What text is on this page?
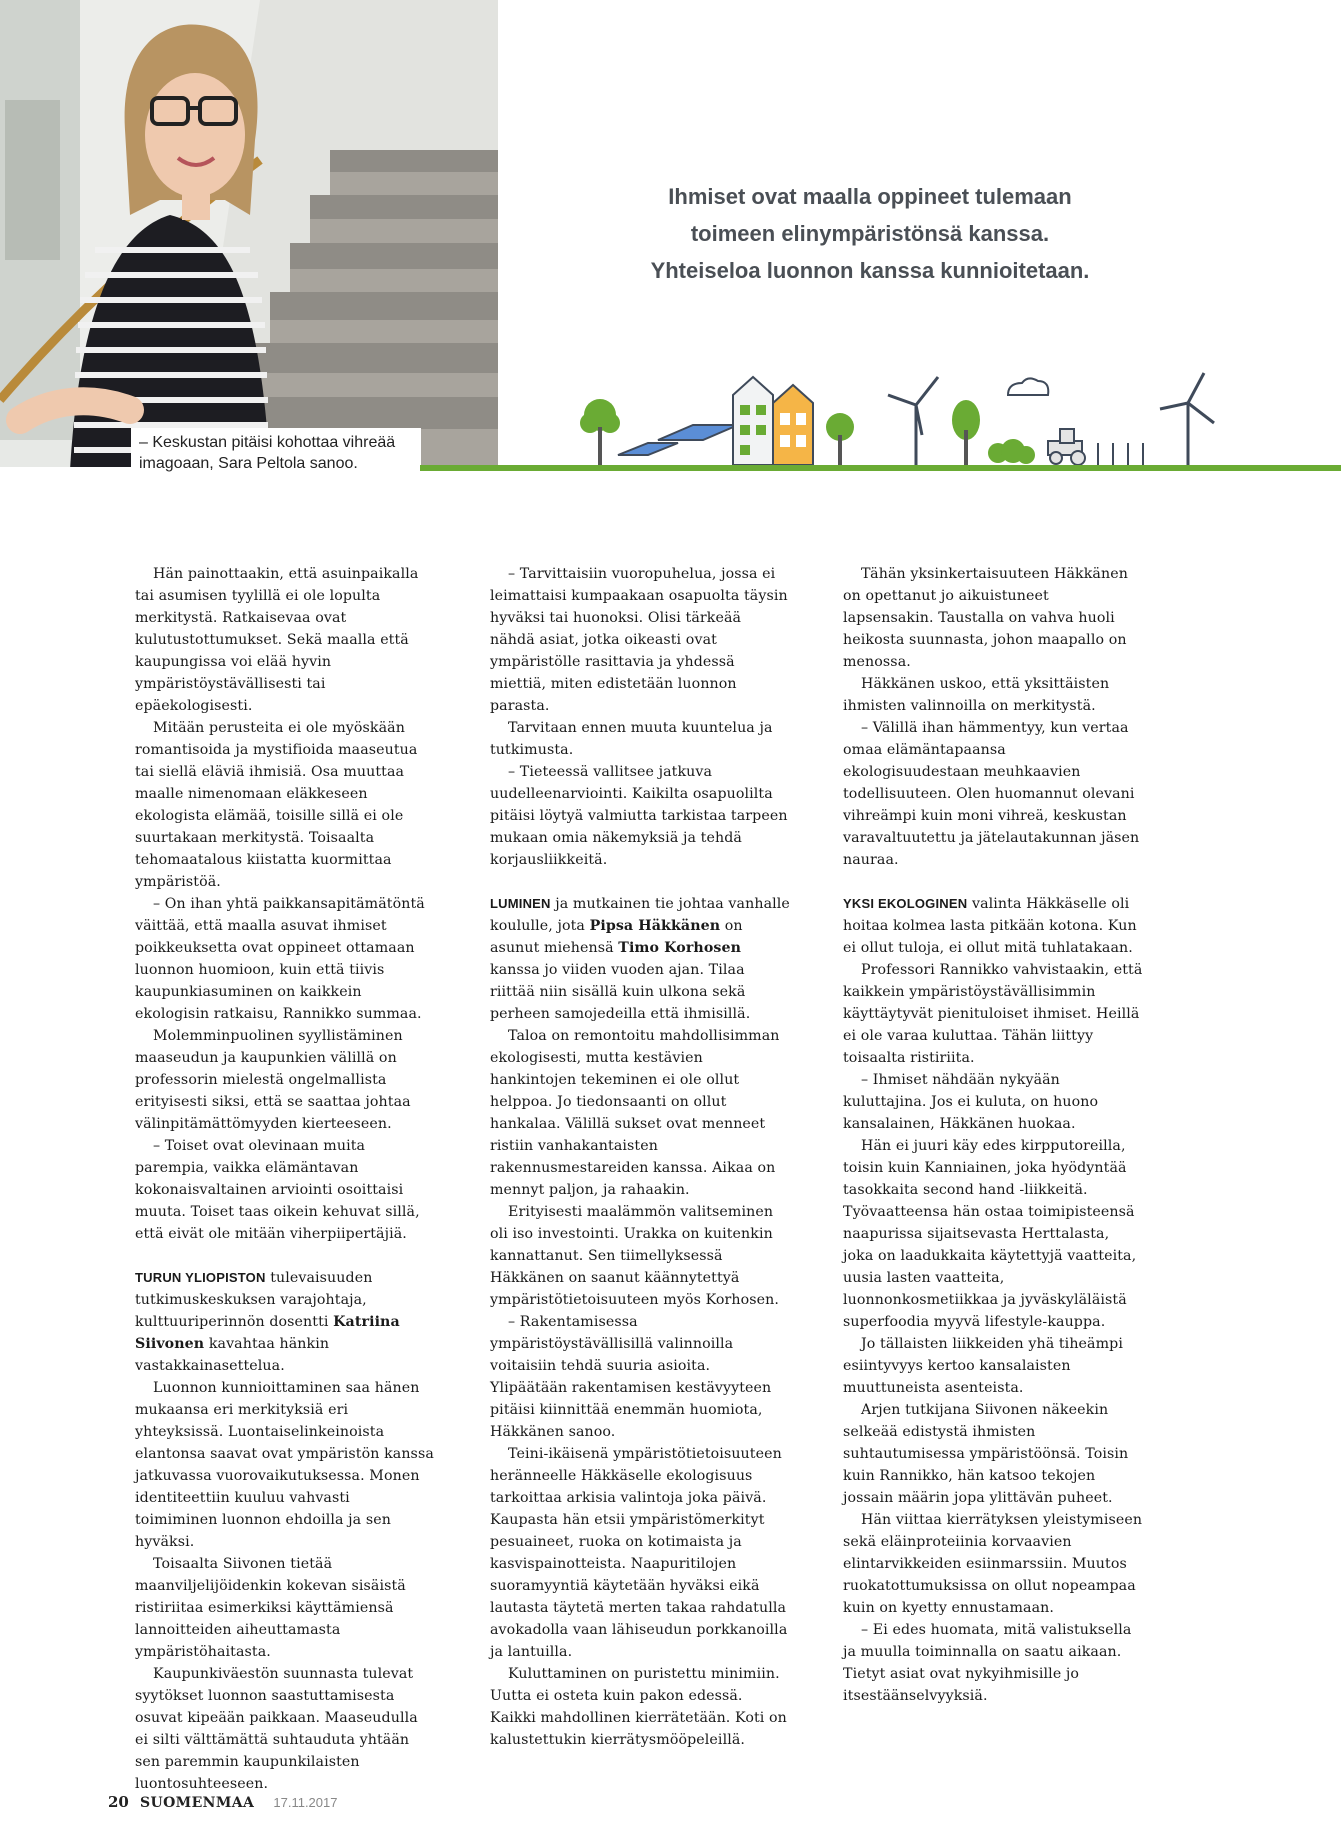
– Keskustan pitäisi kohottaa vihreää
imagoaan, Sara Peltola sanoo.
Ihmiset ovat maalla oppineet tulemaan
toimeen elinympäristönsä kanssa.
Yhteiseloa luonnon kanssa kunnioitetaan.

Hän painottaakin, että asuinpaikalla tai asumisen tyylillä ei ole lopulta merkitystä. Ratkaisevaa ovat kulutustottumukset. Sekä maalla että kaupungissa voi elää hyvin ympäristöystävällisesti tai epäekologisesti.

Mitään perusteita ei ole myöskään romantisoida ja mystifioida maaseutua tai siellä eläviä ihmisiä. Osa muuttaa maalle nimenomaan eläkkeseen ekologista elämää, toisille sillä ei ole suurtakaan merkitystä. Toisaalta tehomaatalous kiistatta kuormittaa ympäristöä.

– On ihan yhtä paikkansapitämätöntä väittää, että maalla asuvat ihmiset poikkeuksetta ovat oppineet ottamaan luonnon huomioon, kuin että tiivis kaupunkiasuminen on kaikkein ekologisin ratkaisu, Rannikko summaa.

Molemminpuolinen syyllistäminen maaseudun ja kaupunkien välillä on professorin mielestä ongelmallista erityisesti siksi, että se saattaa johtaa välinpitämättömyyden kierteeseen.

– Toiset ovat olevinaan muita parempia, vaikka elämäntavan kokonaisvaltainen arviointi osoittaisi muuta. Toiset taas oikein kehuvat sillä, että eivät ole mitään viherpiipertäjiä.

TURUN YLIOPISTON tulevaisuuden tutkimuskeskuksen varajohtaja, kulttuuriperinnön dosentti Katriina Siivonen kavahtaa hänkin vastakkainasettelua.

Luonnon kunnioittaminen saa hänen mukaansa eri merkityksiä eri yhteyksissä. Luontaiselinkeinoista elantonsa saavat ovat ympäristön kanssa jatkuvassa vuorovaikutuksessa. Monen identiteettiin kuuluu vahvasti toimiminen luonnon ehdoilla ja sen hyväksi.

Toisaalta Siivonen tietää maanviljelijöidenkin kokevan sisäistä ristiriitaa esimerkiksi käyttämiensä lannoitteiden aiheuttamasta ympäristöhaitasta.

Kaupunkiväestön suunnasta tulevat syytökset luonnon saastuttamisesta osuvat kipeään paikkaan. Maaseudulla ei silti välttämättä suhtauduta yhtään sen paremmin kaupunkilaisten luontosuhteeseen.

– Tarvittaisiin vuoropuhelua, jossa ei leimattaisi kumpaakaan osapuolta täysin hyväksi tai huonoksi. Olisi tärkeää nähdä asiat, jotka oikeasti ovat ympäristölle rasittavia ja yhdessä miettiä, miten edistetään luonnon parasta.

Tarvitaan ennen muuta kuuntelua ja tutkimusta.

– Tieteessä vallitsee jatkuva uudelleenarviointi. Kaikilta osapuolilta pitäisi löytyä valmiutta tarkistaa tarpeen mukaan omia näkemyksiä ja tehdä korjausliikkeitä.

LUMINEN ja mutkainen tie johtaa vanhalle koululle, jota Pipsa Häkkänen on asunut miehensä Timo Korhosen kanssa jo viiden vuoden ajan. Tilaa riittää niin sisällä kuin ulkona sekä perheen samojedeilla että ihmisillä.

Taloa on remontoitu mahdollisimman ekologisesti, mutta kestävien hankintojen tekeminen ei ole ollut helppoa. Jo tiedonsaanti on ollut hankalaa. Välillä sukset ovat menneet ristiin vanhakantaisten rakennusmestareiden kanssa. Aikaa on mennyt paljon, ja rahaakin.

Erityisesti maalämmön valitseminen oli iso investointi. Urakka on kuitenkin kannattanut. Sen tiimellyksessä Häkkänen on saanut käännytettyä ympäristötietoisuuteen myös Korhosen.

– Rakentamisessa ympäristöystävällisillä valinnoilla voitaisiin tehdä suuria asioita. Ylipäätään rakentamisen kestävyyteen pitäisi kiinnittää enemmän huomiota, Häkkänen sanoo.

Teini-ikäisenä ympäristötietoisuuteen heränneelle Häkkäselle ekologisuus tarkoittaa arkisia valintoja joka päivä. Kaupasta hän etsii ympäristömerkityt pesuaineet, ruoka on kotimaista ja kasvispainotteista. Naapuritilojen suoramyyntiä käytetään hyväksi eikä lautasta täytetä merten takaa rahdatulla avokadolla vaan lähiseudun porkkanoilla ja lantuilla.

Kuluttaminen on puristettu minimiin. Uutta ei osteta kuin pakon edessä. Kaikki mahdollinen kierrätetään. Koti on kalustettukin kierrätysmööpeleillä.

Tähän yksinkertaisuuteen Häkkänen on opettanut jo aikuistuneet lapsensakin. Taustalla on vahva huoli heikosta suunnasta, johon maapallo on menossa.

Häkkänen uskoo, että yksittäisten ihmisten valinnoilla on merkitystä.

– Välillä ihan hämmentyy, kun vertaa omaa elämäntapaansa ekologisuudestaan meuhkaavien todellisuuteen. Olen huomannut olevani vihreämpi kuin moni vihreä, keskustan varavaltuutettu ja jätelautakunnan jäsen nauraa.

YKSI EKOLOGINEN valinta Häkkäselle oli hoitaa kolmea lasta pitkään kotona. Kun ei ollut tuloja, ei ollut mitä tuhlatakaan.

Professori Rannikko vahvistaakin, että kaikkein ympäristöystävällisimmin käyttäytyvät pienituloiset ihmiset. Heillä ei ole varaa kuluttaa. Tähän liittyy toisaalta ristiriita.

– Ihmiset nähdään nykyään kuluttajina. Jos ei kuluta, on huono kansalainen, Häkkänen huokaa.

Hän ei juuri käy edes kirpputoreilla, toisin kuin Kanniainen, joka hyödyntää tasokkaita second hand -liikkeitä. Työvaatteensa hän ostaa toimipisteensä naapurissa sijaitsevasta Herttalasta, joka on laadukkaita käytettyjä vaatteita, uusia lasten vaatteita, luonnonkosmetiikkaa ja jyväskyläläistä superfoodia myyvä lifestyle-kauppa.

Jo tällaisten liikkeiden yhä tiheämpi esiintyvyys kertoo kansalaisten muuttuneista asenteista.

Arjen tutkijana Siivonen näkeekin selkeää edistystä ihmisten suhtautumisessa ympäristöönsä. Toisin kuin Rannikko, hän katsoo tekojen jossain määrin jopa ylittävän puheet.

Hän viittaa kierrätyksen yleistymiseen sekä eläinproteiinia korvaavien elintarvikkeiden esiinmarssiin. Muutos ruokatottumuksissa on ollut nopeampaa kuin on kyetty ennustamaan.

– Ei edes huomata, mitä valistuksella ja muulla toiminnalla on saatu aikaan. Tietyt asiat ovat nykyihmisille jo itsestäänselvyyksiä.

20 SUOMENMAA 17.11.2017
